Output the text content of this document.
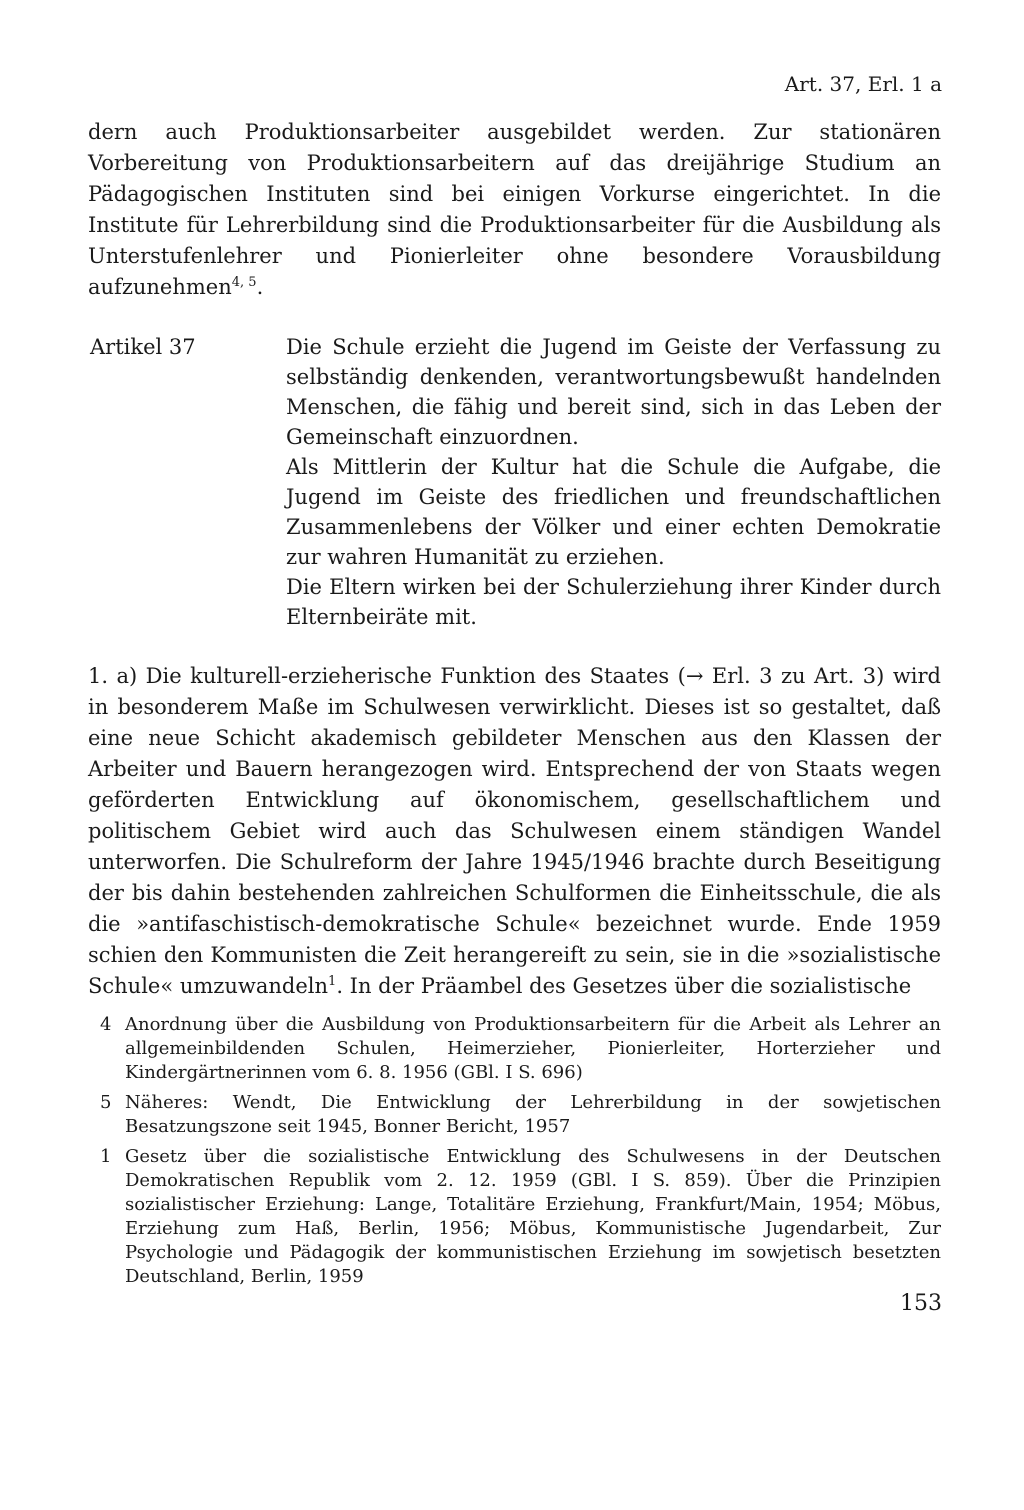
Art. 37, Erl. 1 a

dern auch Produktionsarbeiter ausgebildet werden. Zur stationären Vorbereitung von Produktionsarbeitern auf das dreijährige Studium an Pädagogischen Instituten sind bei einigen Vorkurse eingerichtet. In die Institute für Lehrerbildung sind die Produktionsarbeiter für die Ausbildung als Unterstufenlehrer und Pionierleiter ohne besondere Vorausbildung aufzunehmen$^{4, 5}$.

Artikel 37	Die Schule erzieht die Jugend im Geiste der Verfassung zu selbständig denkenden, verantwortungsbewußt handelnden Menschen, die fähig und bereit sind, sich in das Leben der Gemeinschaft einzuordnen.

Als Mittlerin der Kultur hat die Schule die Aufgabe, die Jugend im Geiste des friedlichen und freundschaftlichen Zusammenlebens der Völker und einer echten Demokratie zur wahren Humanität zu erziehen.

Die Eltern wirken bei der Schulerziehung ihrer Kinder durch Elternbeiräte mit.

1. a) Die kulturell-erzieherische Funktion des Staates (→ Erl. 3 zu Art. 3) wird in besonderem Maße im Schulwesen verwirklicht. Dieses ist so gestaltet, daß eine neue Schicht akademisch gebildeter Menschen aus den Klassen der Arbeiter und Bauern herangezogen wird. Entsprechend der von Staats wegen geförderten Entwicklung auf ökonomischem, gesellschaftlichem und politischem Gebiet wird auch das Schulwesen einem ständigen Wandel unterworfen. Die Schulreform der Jahre 1945/1946 brachte durch Beseitigung der bis dahin bestehenden zahlreichen Schulformen die Einheitsschule, die als die »antifaschistisch-demokratische Schule« bezeichnet wurde. Ende 1959 schien den Kommunisten die Zeit herangereift zu sein, sie in die »sozialistische Schule« umzuwandeln$^1$. In der Präambel des Gesetzes über die sozialistische

4 Anordnung über die Ausbildung von Produktionsarbeitern für die Arbeit als Lehrer an allgemeinbildenden Schulen, Heimerzieher, Pionierleiter, Horterzieher und Kindergärtnerinnen vom 6. 8. 1956 (GBl. I S. 696)
5 Näheres: Wendt, Die Entwicklung der Lehrerbildung in der sowjetischen Besatzungszone seit 1945, Bonner Bericht, 1957
1 Gesetz über die sozialistische Entwicklung des Schulwesens in der Deutschen Demokratischen Republik vom 2. 12. 1959 (GBl. I S. 859). Über die Prinzipien sozialistischer Erziehung: Lange, Totalitäre Erziehung, Frankfurt/Main, 1954; Möbus, Erziehung zum Haß, Berlin, 1956; Möbus, Kommunistische Jugendarbeit, Zur Psychologie und Pädagogik der kommunistischen Erziehung im sowjetisch besetzten Deutschland, Berlin, 1959
153
